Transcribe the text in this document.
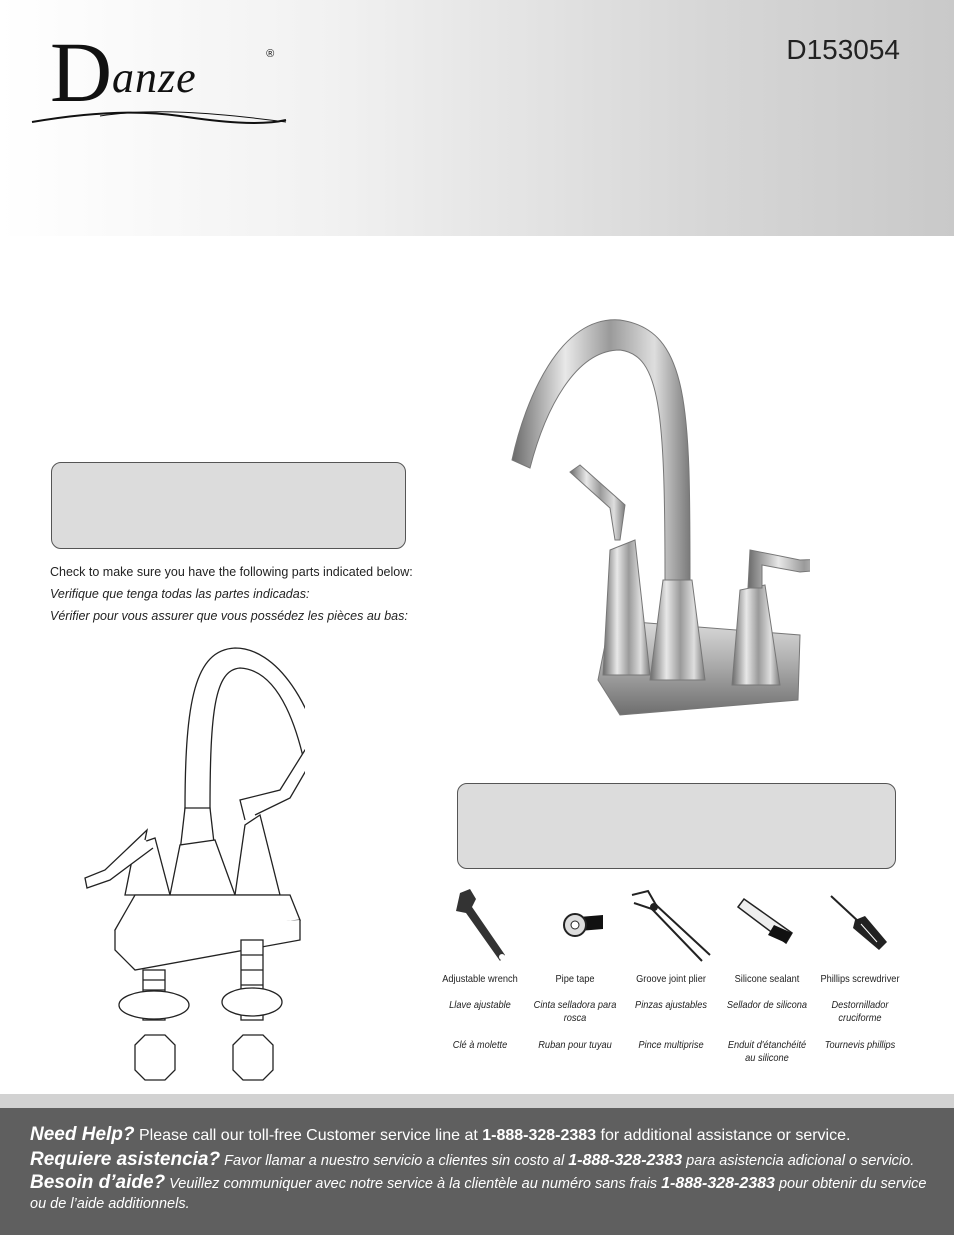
D anze	®	D153054
Check to make sure you have the following parts indicated below:
Verifique que tenga todas las partes indicadas:
Vérifier pour vous assurer que vous possédez les pièces au bas:
Adjustable wrench
Llave ajustable
Clé à molette
Pipe tape
Cinta selladora para rosca
Ruban pour tuyau
Groove joint plier
Pinzas ajustables
Pince multiprise
Silicone sealant
Sellador de silicona
Enduit d'étanchéité au silicone
Phillips screwdriver
Destornillador cruciforme
Tournevis phillips

Need Help? Please call our toll-free Customer service line at 1-888-328-2383 for additional assistance or service.

Requiere asistencia? Favor llamar a nuestro servicio a clientes sin costo al 1-888-328-2383 para asistencia adicional o servicio.

Besoin d’aide? Veuillez communiquer avec notre service à la clientèle au numéro sans frais 1-888-328-2383 pour obtenir du service ou de l’aide additionnels.
